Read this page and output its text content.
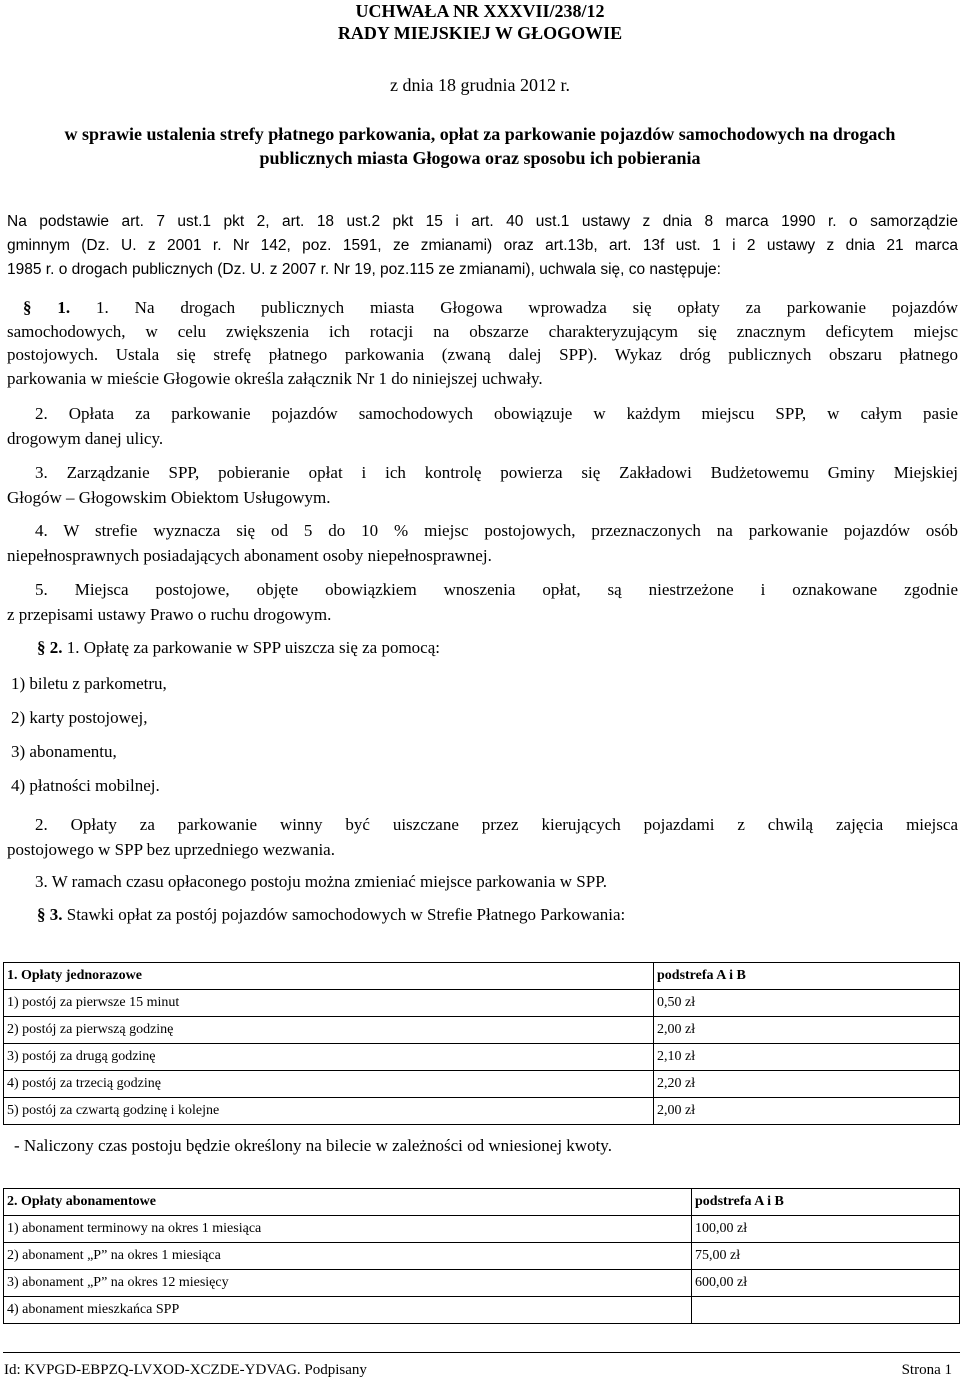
UCHWAŁA NR XXXVII/238/12
RADY MIEJSKIEJ W GŁOGOWIE
z dnia 18 grudnia 2012 r.
w sprawie ustalenia strefy płatnego parkowania, opłat za parkowanie pojazdów samochodowych na drogach
publicznych miasta Głogowa oraz sposobu ich pobierania
Na podstawie art. 7 ust.1 pkt 2, art. 18 ust.2 pkt 15 i art. 40 ust.1 ustawy z dnia 8 marca 1990 r. o samorządzie
gminnym (Dz. U. z 2001 r. Nr 142, poz. 1591, ze zmianami) oraz art.13b, art. 13f ust. 1 i 2 ustawy z dnia 21 marca
1985 r. o drogach publicznych (Dz. U. z 2007 r. Nr 19, poz.115 ze zmianami), uchwala się, co następuje:
§ 1. 1. Na drogach publicznych miasta Głogowa wprowadza się opłaty za parkowanie pojazdów
samochodowych, w celu zwiększenia ich rotacji na obszarze charakteryzującym się znacznym deficytem miejsc
postojowych. Ustala się strefę płatnego parkowania (zwaną dalej SPP). Wykaz dróg publicznych obszaru płatnego
parkowania w mieście Głogowie określa załącznik Nr 1 do niniejszej uchwały.
2. Opłata za parkowanie pojazdów samochodowych obowiązuje w każdym miejscu SPP, w całym pasie
drogowym danej ulicy.
3. Zarządzanie SPP, pobieranie opłat i ich kontrolę powierza się Zakładowi Budżetowemu Gminy Miejskiej
Głogów – Głogowskim Obiektom Usługowym.
4. W strefie wyznacza się od 5 do 10 % miejsc postojowych, przeznaczonych na parkowanie pojazdów osób
niepełnosprawnych posiadających abonament osoby niepełnosprawnej.
5. Miejsca postojowe, objęte obowiązkiem wnoszenia opłat, są niestrzeżone i oznakowane zgodnie
z przepisami ustawy Prawo o ruchu drogowym.
§ 2. 1. Opłatę za parkowanie w SPP uiszcza się za pomocą:
1) biletu z parkometru,
2) karty postojowej,
3) abonamentu,
4) płatności mobilnej.
2. Opłaty za parkowanie winny być uiszczane przez kierujących pojazdami z chwilą zajęcia miejsca
postojowego w SPP bez uprzedniego wezwania.
3. W ramach czasu opłaconego postoju można zmieniać miejsce parkowania w SPP.
§ 3. Stawki opłat za postój pojazdów samochodowych w Strefie Płatnego Parkowania:
1. Opłaty jednorazowe	podstrefa A i B
1) postój za pierwsze 15 minut	0,50 zł
2) postój za pierwszą godzinę	2,00 zł
3) postój za drugą godzinę	2,10 zł
4) postój za trzecią godzinę	2,20 zł
5) postój za czwartą godzinę i kolejne	2,00 zł
- Naliczony czas postoju będzie określony na bilecie w zależności od wniesionej kwoty.
2. Opłaty abonamentowe	podstrefa A i B
1) abonament terminowy na okres 1 miesiąca	100,00 zł
2) abonament „P” na okres 1 miesiąca	75,00 zł
3) abonament „P” na okres 12 miesięcy	600,00 zł
4) abonament mieszkańca SPP	
Id: KVPGD-EBPZQ-LVXOD-XCZDE-YDVAG. Podpisany	Strona 1
